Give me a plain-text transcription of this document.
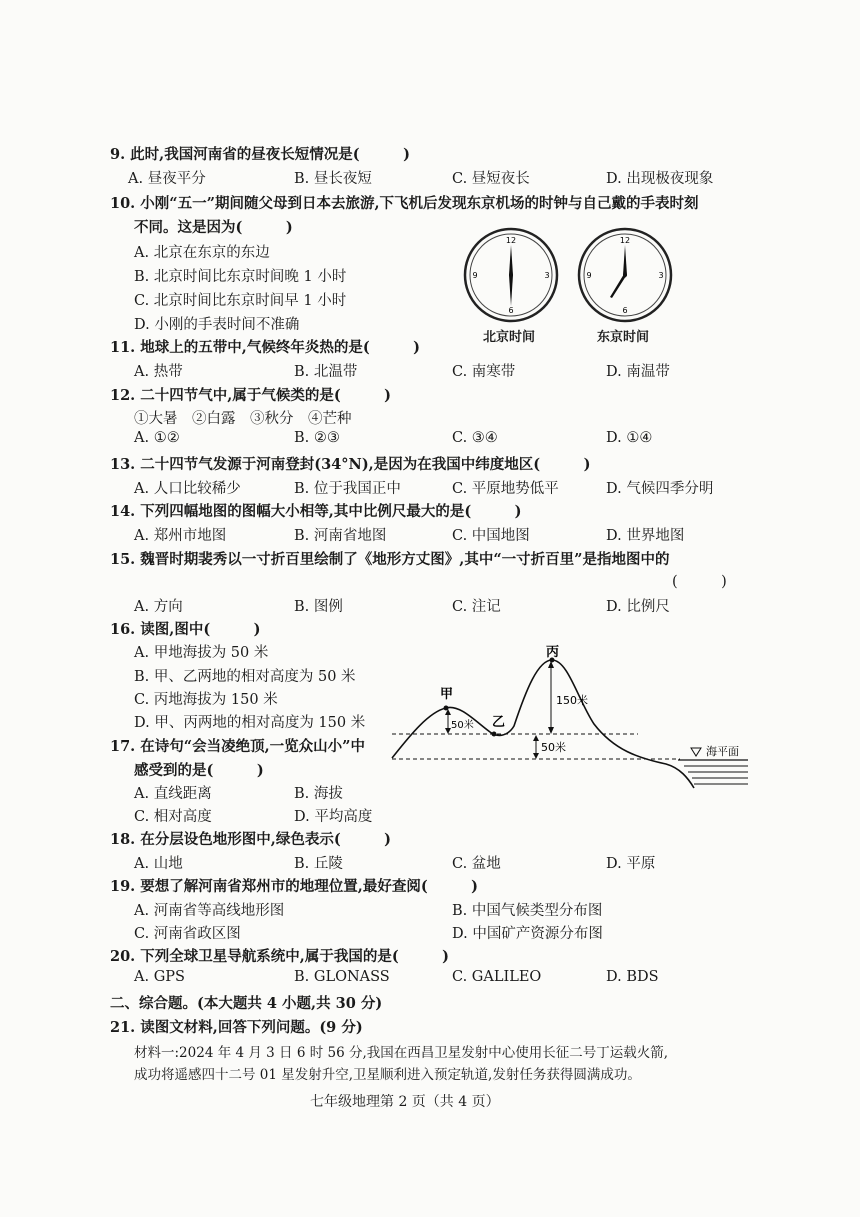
9. 此时,我国河南省的昼夜长短情况是(　　　)
A. 昼夜平分	B. 昼长夜短	C. 昼短夜长	D. 出现极夜现象
10. 小刚“五一”期间随父母到日本去旅游,下飞机后发现东京机场的时钟与自己戴的手表时刻
不同。这是因为(　　　)
A. 北京在东京的东边
B. 北京时间比东京时间晚 1 小时
C. 北京时间比东京时间早 1 小时
D. 小刚的手表时间不准确
12
3
6
9
12
3
6
9
北京时间	东京时间
11. 地球上的五带中,气候终年炎热的是(　　　)
A. 热带	B. 北温带	C. 南寒带	D. 南温带
12. 二十四节气中,属于气候类的是(　　　)
①大暑　②白露　③秋分　④芒种
A. ①②	B. ②③	C. ③④	D. ①④
13. 二十四节气发源于河南登封(34°N),是因为在我国中纬度地区(　　　)
A. 人口比较稀少	B. 位于我国正中	C. 平原地势低平	D. 气候四季分明
14. 下列四幅地图的图幅大小相等,其中比例尺最大的是(　　　)
A. 郑州市地图	B. 河南省地图	C. 中国地图	D. 世界地图
15. 魏晋时期裴秀以一寸折百里绘制了《地形方丈图》,其中“一寸折百里”是指地图中的
(　　　)
A. 方向	B. 图例	C. 注记	D. 比例尺
16. 读图,图中(　　　)
A. 甲地海拔为 50 米
B. 甲、乙两地的相对高度为 50 米
C. 丙地海拔为 150 米
D. 甲、丙两地的相对高度为 150 米
海平面
甲
乙
丙
150米
50米
50米
17. 在诗句“会当凌绝顶,一览众山小”中
感受到的是(　　　)
A. 直线距离	B. 海拔
C. 相对高度	D. 平均高度
18. 在分层设色地形图中,绿色表示(　　　)
A. 山地	B. 丘陵	C. 盆地	D. 平原
19. 要想了解河南省郑州市的地理位置,最好查阅(　　　)
A. 河南省等高线地形图	B. 中国气候类型分布图
C. 河南省政区图	D. 中国矿产资源分布图
20. 下列全球卫星导航系统中,属于我国的是(　　　)
A. GPS	B. GLONASS	C. GALILEO	D. BDS
二、综合题。(本大题共 4 小题,共 30 分)
21. 读图文材料,回答下列问题。(9 分)
材料一:2024 年 4 月 3 日 6 时 56 分,我国在西昌卫星发射中心使用长征二号丁运载火箭,
成功将遥感四十二号 01 星发射升空,卫星顺利进入预定轨道,发射任务获得圆满成功。
七年级地理第 2 页（共 4 页）
